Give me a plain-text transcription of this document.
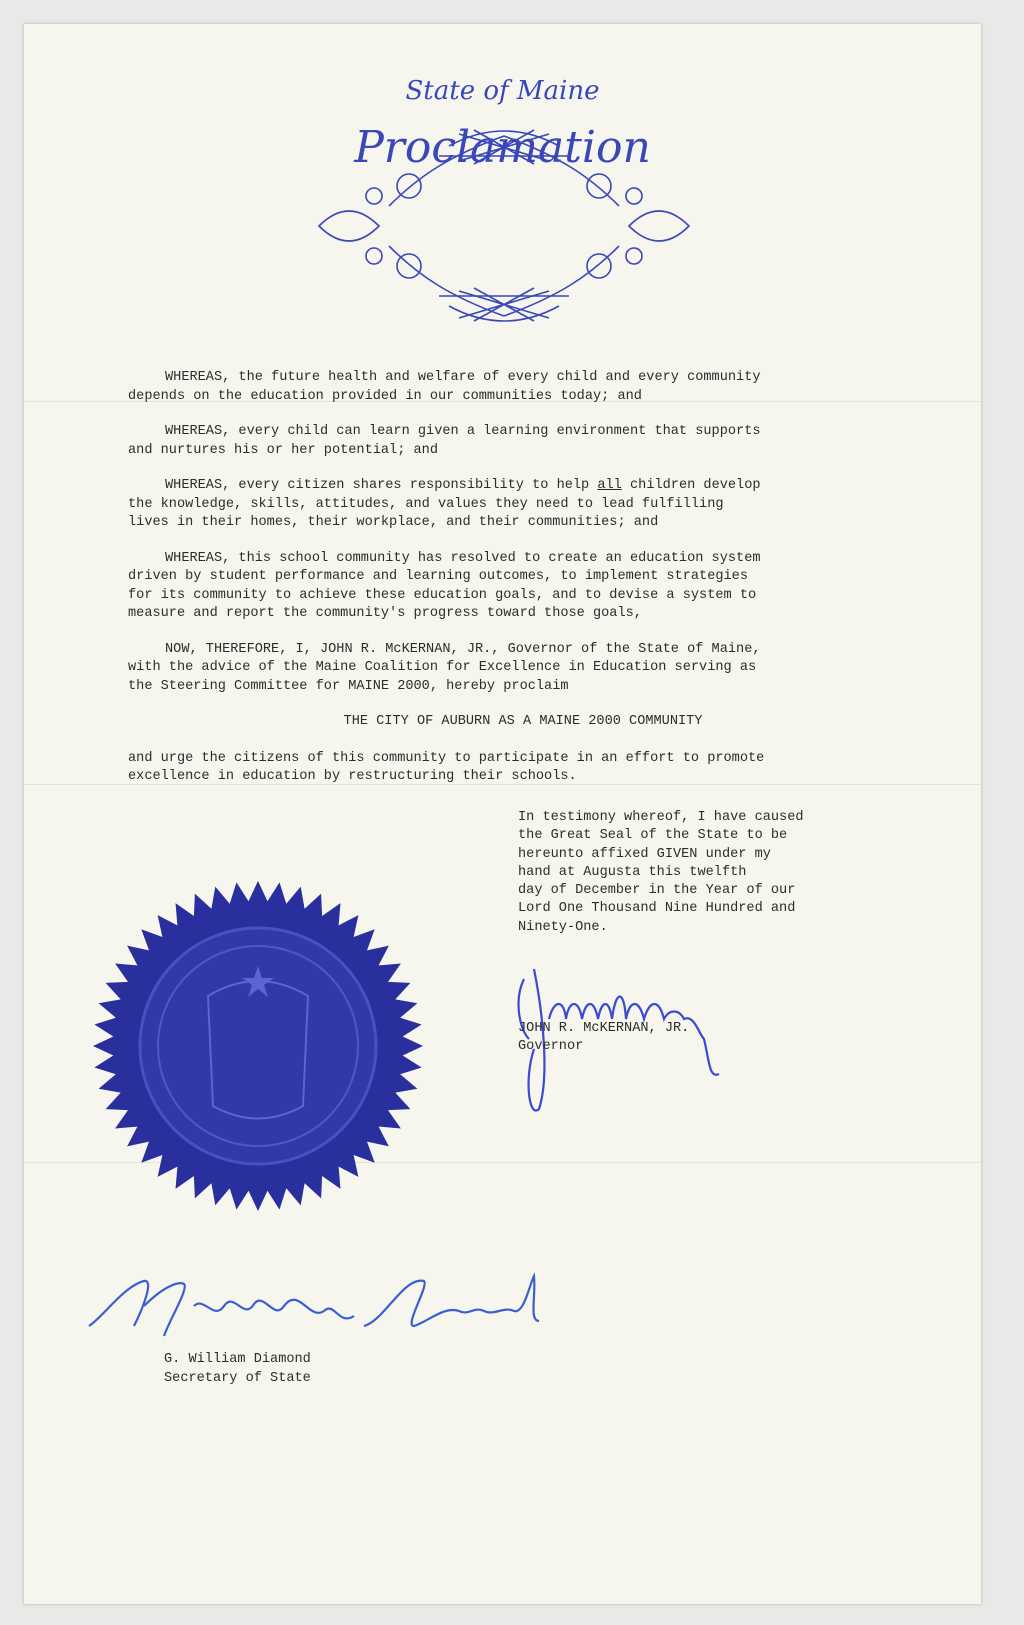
State of Maine
Proclamation
WHEREAS, the future health and welfare of every child and every community
depends on the education provided in our communities today; and
WHEREAS, every child can learn given a learning environment that supports
and nurtures his or her potential; and
WHEREAS, every citizen shares responsibility to help all children develop
the knowledge, skills, attitudes, and values they need to lead fulfilling
lives in their homes, their workplace, and their communities; and
WHEREAS, this school community has resolved to create an education system
driven by student performance and learning outcomes, to implement strategies
for its community to achieve these education goals, and to devise a system to
measure and report the community's progress toward those goals,
NOW, THEREFORE, I, JOHN R. McKERNAN, JR., Governor of the State of Maine,
with the advice of the Maine Coalition for Excellence in Education serving as
the Steering Committee for MAINE 2000, hereby proclaim
THE CITY OF AUBURN AS A MAINE 2000 COMMUNITY
and urge the citizens of this community to participate in an effort to promote
excellence in education by restructuring their schools.
In testimony whereof, I have caused
the Great Seal of the State to be
hereunto affixed GIVEN under my
hand at Augusta this twelfth
day of December in the Year of our
Lord One Thousand Nine Hundred and
Ninety-One.
JOHN R. McKERNAN, JR.
Governor
G. William Diamond
Secretary of State
